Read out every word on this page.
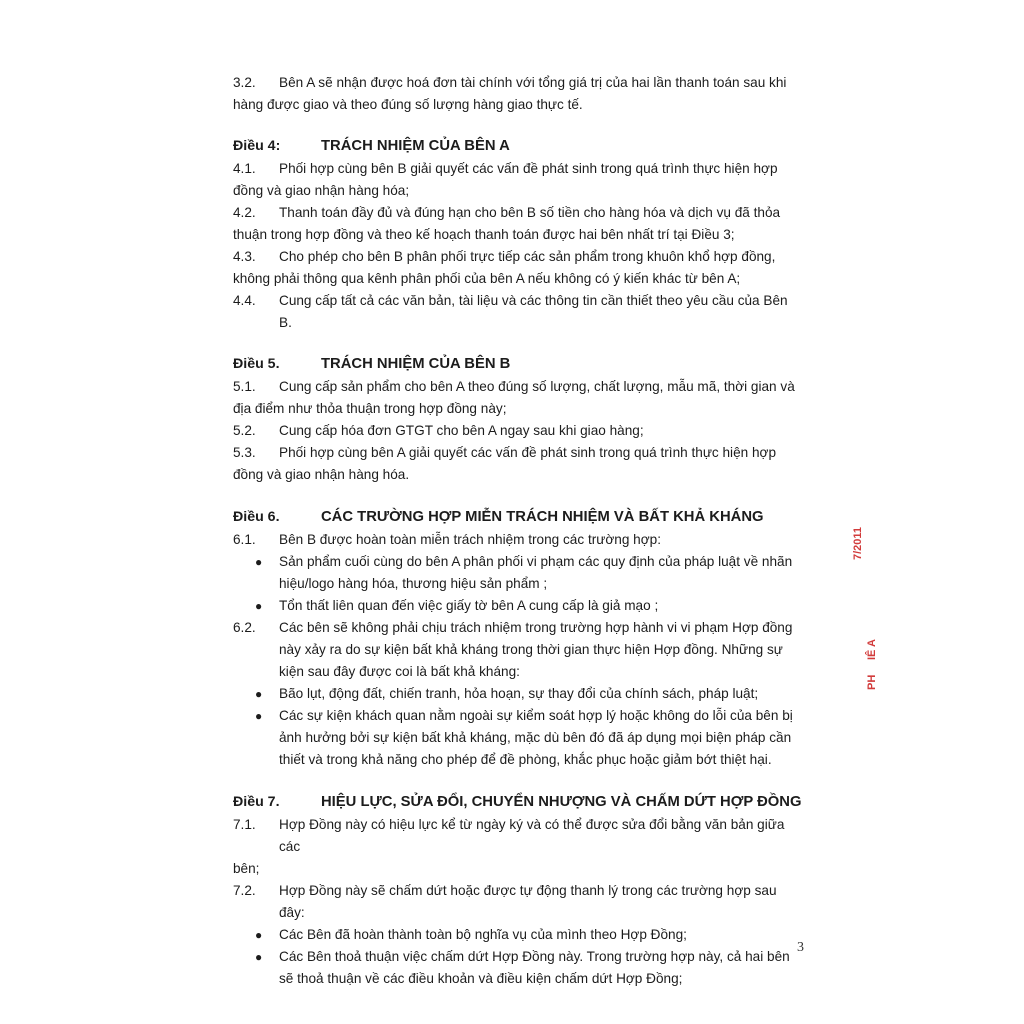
3.2.	Bên A sẽ nhận được hoá đơn tài chính với tổng giá trị của hai lần thanh toán sau khi
hàng được giao và theo đúng số lượng hàng giao thực tế.
Điều 4:	TRÁCH NHIỆM CỦA BÊN A
4.1.	Phối hợp cùng bên B giải quyết các vấn đề phát sinh trong quá trình thực hiện hợp
đồng và giao nhận hàng hóa;
4.2.	Thanh toán đầy đủ và đúng hạn cho bên B số tiền cho hàng hóa và dịch vụ đã thỏa
thuận trong hợp đồng và theo kế hoạch thanh toán được hai bên nhất trí tại Điều 3;
4.3.	Cho phép cho bên B phân phối trực tiếp các sản phẩm trong khuôn khổ hợp đồng,
không phải thông qua kênh phân phối của bên A nếu không có ý kiến khác từ bên A;
4.4.	Cung cấp tất cả các văn bản, tài liệu và các thông tin cần thiết theo yêu cầu của Bên B.
Điều 5.	TRÁCH NHIỆM CỦA BÊN B
5.1.	Cung cấp sản phẩm cho bên A theo đúng số lượng, chất lượng, mẫu mã, thời gian và
địa điểm như thỏa thuận trong hợp đồng này;
5.2.	Cung cấp hóa đơn GTGT cho bên A ngay sau khi giao hàng;
5.3.	Phối hợp cùng bên A giải quyết các vấn đề phát sinh trong quá trình thực hiện hợp
đồng và giao nhận hàng hóa.
Điều 6.	CÁC TRƯỜNG HỢP MIỄN TRÁCH NHIỆM VÀ BẤT KHẢ KHÁNG
6.1.	Bên B được hoàn toàn miễn trách nhiệm trong các trường hợp:
●	Sản phẩm cuối cùng do bên A phân phối vi phạm các quy định của pháp luật về nhãn
hiệu/logo hàng hóa, thương hiệu sản phẩm ;
●	Tổn thất liên quan đến việc giấy tờ bên A cung cấp là giả mạo ;
6.2.	Các bên sẽ không phải chịu trách nhiệm trong trường hợp hành vi vi phạm Hợp đồng
này xảy ra do sự kiện bất khả kháng trong thời gian thực hiện Hợp đồng. Những sự
kiện sau đây được coi là bất khả kháng:
●	Bão lụt, động đất, chiến tranh, hỏa hoạn, sự thay đổi của chính sách, pháp luật;
●	Các sự kiện khách quan nằm ngoài sự kiểm soát hợp lý hoặc không do lỗi của bên bị
ảnh hưởng bởi sự kiện bất khả kháng, mặc dù bên đó đã áp dụng mọi biện pháp cần
thiết và trong khả năng cho phép để đề phòng, khắc phục hoặc giảm bớt thiệt hại.
Điều 7.	HIỆU LỰC, SỬA ĐỔI, CHUYỂN NHƯỢNG VÀ CHẤM DỨT HỢP ĐỒNG
7.1.	Hợp Đồng này có hiệu lực kể từ ngày ký và có thể được sửa đổi bằng văn bản giữa các
bên;
7.2.	Hợp Đồng này sẽ chấm dứt hoặc được tự động thanh lý trong các trường hợp sau đây:
●	Các Bên đã hoàn thành toàn bộ nghĩa vụ của mình theo Hợp Đồng;
●	Các Bên thoả thuận việc chấm dứt Hợp Đồng này. Trong trường hợp này, cả hai bên
sẽ thoả thuận về các điều khoản và điều kiện chấm dứt Hợp Đồng;
7/2011
IÊ A
PH
3
